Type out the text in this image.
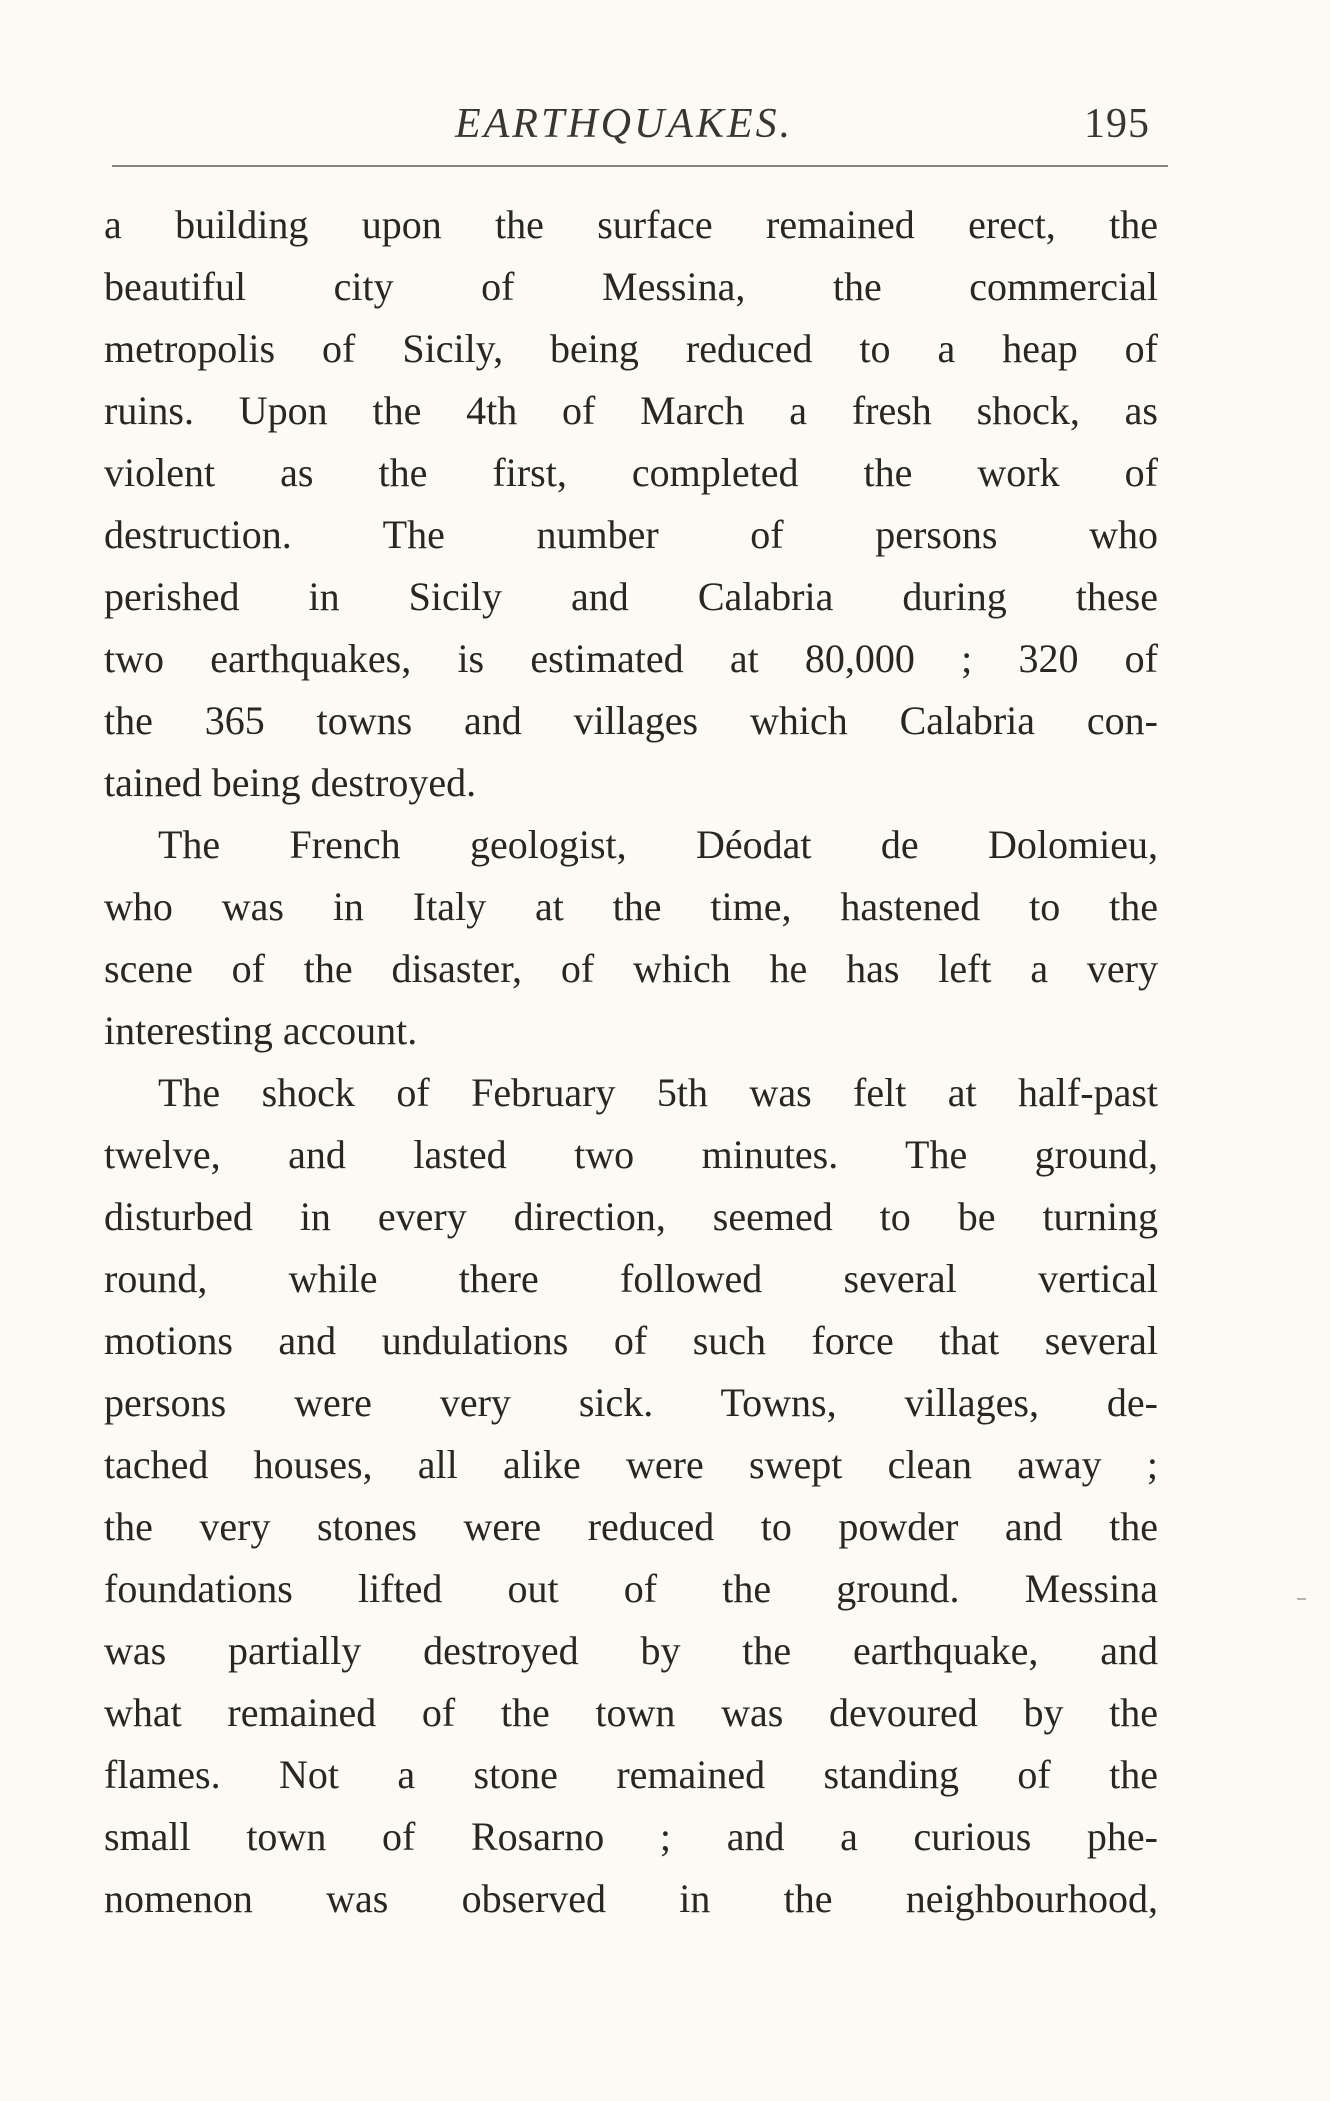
EARTHQUAKES.	195
a building upon the surface remained erect, the
beautiful city of Messina, the commercial
metropolis of Sicily, being reduced to a heap of
ruins. Upon the 4th of March a fresh shock, as
violent as the first, completed the work of
destruction. The number of persons who
perished in Sicily and Calabria during these
two earthquakes, is estimated at 80,000 ; 320 of
the 365 towns and villages which Calabria con-
tained being destroyed.
The French geologist, Déodat de Dolomieu,
who was in Italy at the time, hastened to the
scene of the disaster, of which he has left a very
interesting account.
The shock of February 5th was felt at half-past
twelve, and lasted two minutes. The ground,
disturbed in every direction, seemed to be turning
round, while there followed several vertical
motions and undulations of such force that several
persons were very sick. Towns, villages, de-
tached houses, all alike were swept clean away ;
the very stones were reduced to powder and the
foundations lifted out of the ground. Messina
was partially destroyed by the earthquake, and
what remained of the town was devoured by the
flames. Not a stone remained standing of the
small town of Rosarno ; and a curious phe-
nomenon was observed in the neighbourhood,
